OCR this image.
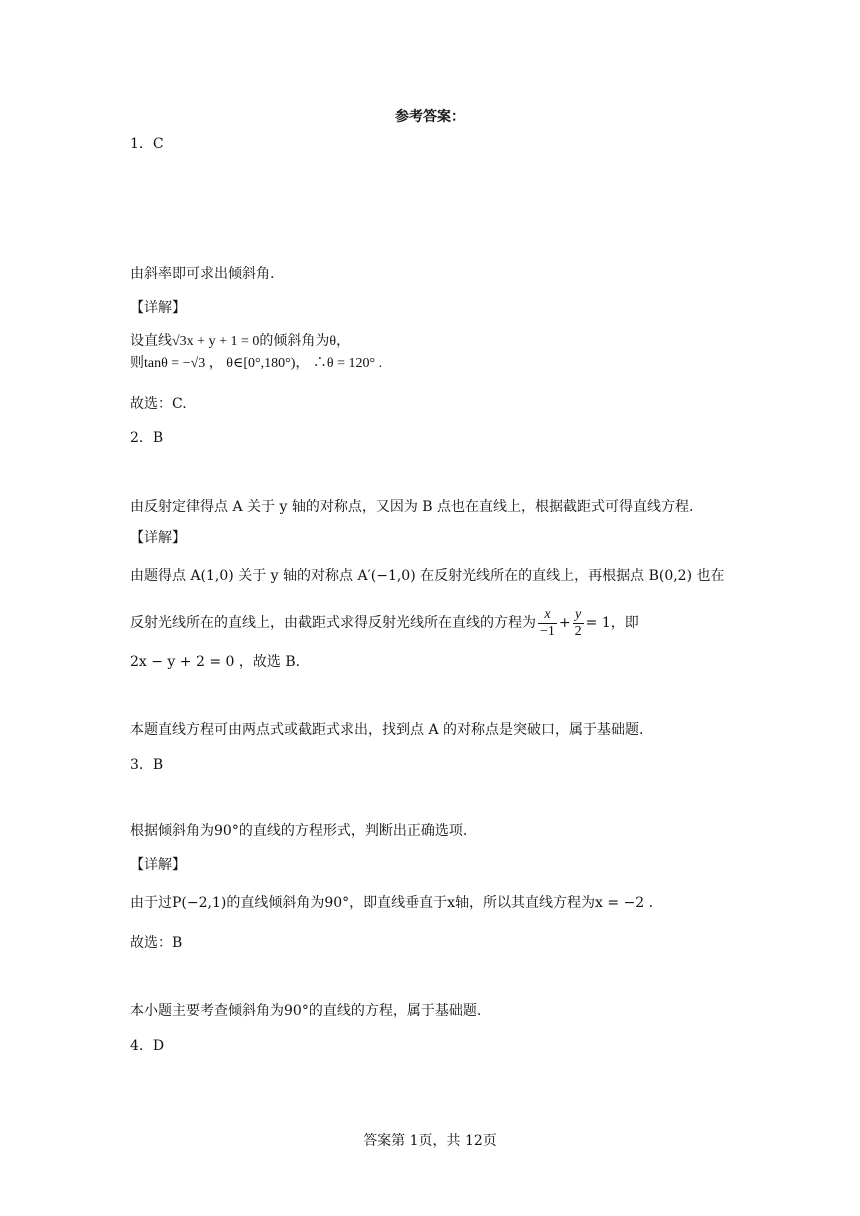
参考答案：
1．C
由斜率即可求出倾斜角.
【详解】
设直线√3x + y + 1 = 0的倾斜角为θ，
则tanθ = −√3 ， θ∈[0°,180°)， ∴θ = 120° .
故选：C.
2．B
由反射定律得点 A 关于 y 轴的对称点，又因为 B 点也在直线上，根据截距式可得直线方程.
【详解】
由题得点 A(1,0) 关于 y 轴的对称点 A′(−1,0) 在反射光线所在的直线上，再根据点 B(0,2) 也在
反射光线所在的直线上，由截距式求得反射光线所在直线的方程为 $\frac{x}{-1} + \frac{y}{2} = 1$，即
2x − y + 2 = 0 ，故选 B.
本题直线方程可由两点式或截距式求出，找到点 A 的对称点是突破口，属于基础题.
3．B
根据倾斜角为90°的直线的方程形式，判断出正确选项.
【详解】
由于过P(−2,1)的直线倾斜角为90°，即直线垂直于x轴，所以其直线方程为x = −2 .
故选：B
本小题主要考查倾斜角为90°的直线的方程，属于基础题.
4．D
答案第 1页，共 12页
